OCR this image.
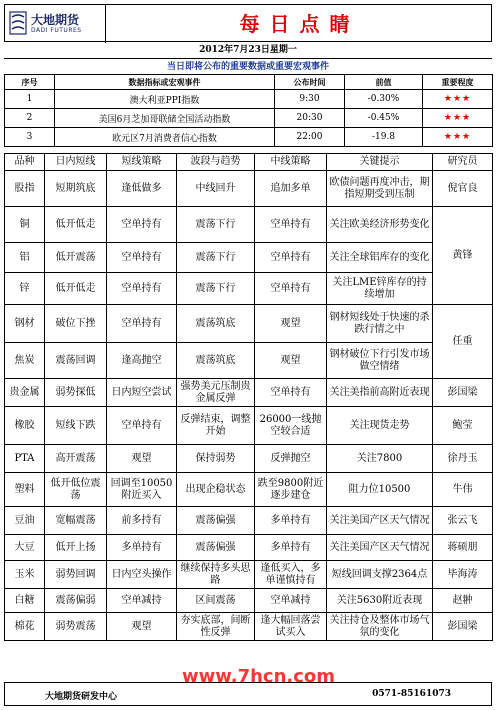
大地期货
DADI FUTURES	每日点睛
2012年7月23日星期一
当日即将公布的重要数据或重要宏观事件
序号	数据指标或宏观事件	公布时间	前值	重要程度
1	澳大利亚PPI指数	9:30	-0.30%	★★★
2	美国6月芝加哥联储全国活动指数	20:30	-0.45%	★★★
3	欧元区7月消费者信心指数	22:00	-19.8	★★★
品种	日内短线	短线策略	波段与趋势	中线策略	关键提示	研究员
股指	短期筑底	逢低做多	中线回升	追加多单	欧债问题再度冲击，期指短期受到压制	倪官良
铜	低开低走	空单持有	震荡下行	空单持有	关注欧美经济形势变化	黄锋
铝	低开震荡	空单持有	震荡下行	空单持有	关注全球铝库存的变化	
锌	低开低走	空单持有	震荡下行	空单持有	关注LME锌库存的持续增加	
钢材	破位下挫	空单持有	震荡筑底	观望	钢材短线处于快速的杀跌行情之中	任重
焦炭	震荡回调	逢高抛空	震荡筑底	观望	钢材破位下行引发市场做空情绪	
贵金属	弱势探低	日内短空尝试	强势美元压制贵金属反弹	空单持有	关注美指前高附近表现	彭国梁
橡胶	短线下跌	空单持有	反弹结束，调整开始	26000一线抛空较合适	关注现货走势	鲍莹
PTA	高开震荡	观望	保持弱势	反弹抛空	关注7800	徐丹玉
塑料	低开低位震荡	回调至10050附近买入	出现企稳状态	跌至9800附近逐步建仓	阻力位10500	牛伟
豆油	宽幅震荡	前多持有	震荡偏强	多单持有	关注美国产区天气情况	张云飞
大豆	低开上扬	多单持有	震荡偏强	多单持有	关注美国产区天气情况	蒋硕朋
玉米	弱势回调	日内空头操作	继续保持多头思路	逢低买入，多单谨慎持有	短线回调支撑2364点	毕海涛
白糖	震荡偏弱	空单减持	区间震荡	空单减持	关注5630附近表现	赵翀
棉花	弱势震荡	观望	夯实底部，间断性反弹	逢大幅回落尝试买入	关注持仓及整体市场气氛的变化	彭国梁
www.7hcn.com
大地期货研发中心	0571-85161073
